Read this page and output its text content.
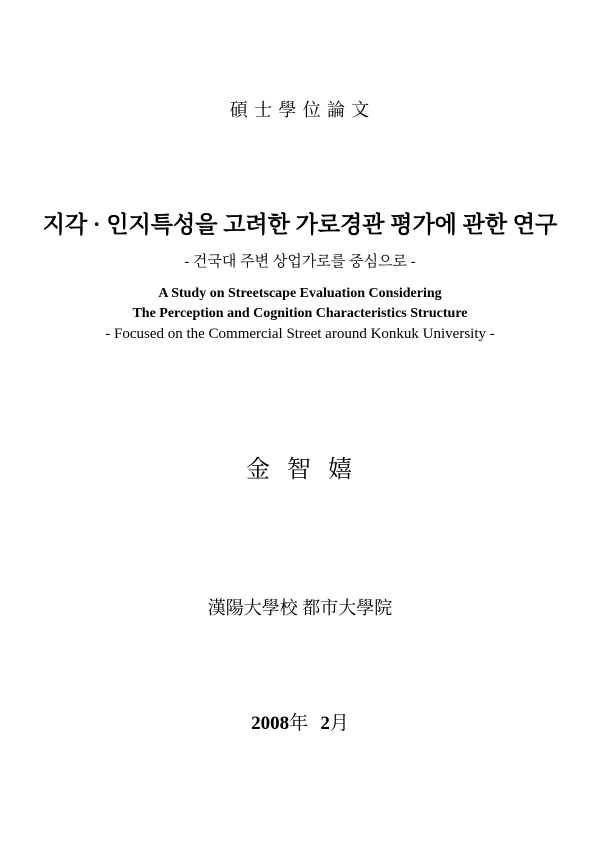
碩 士 學 位 論 文
지각 · 인지특성을 고려한 가로경관 평가에 관한 연구
- 건국대 주변 상업가로를 중심으로 -
A Study on Streetscape Evaluation Considering
The Perception and Cognition Characteristics Structure
- Focused on the Commercial Street around Konkuk University -
金 智 嬉
漢陽大學校 都市大學院
2008年 2月
